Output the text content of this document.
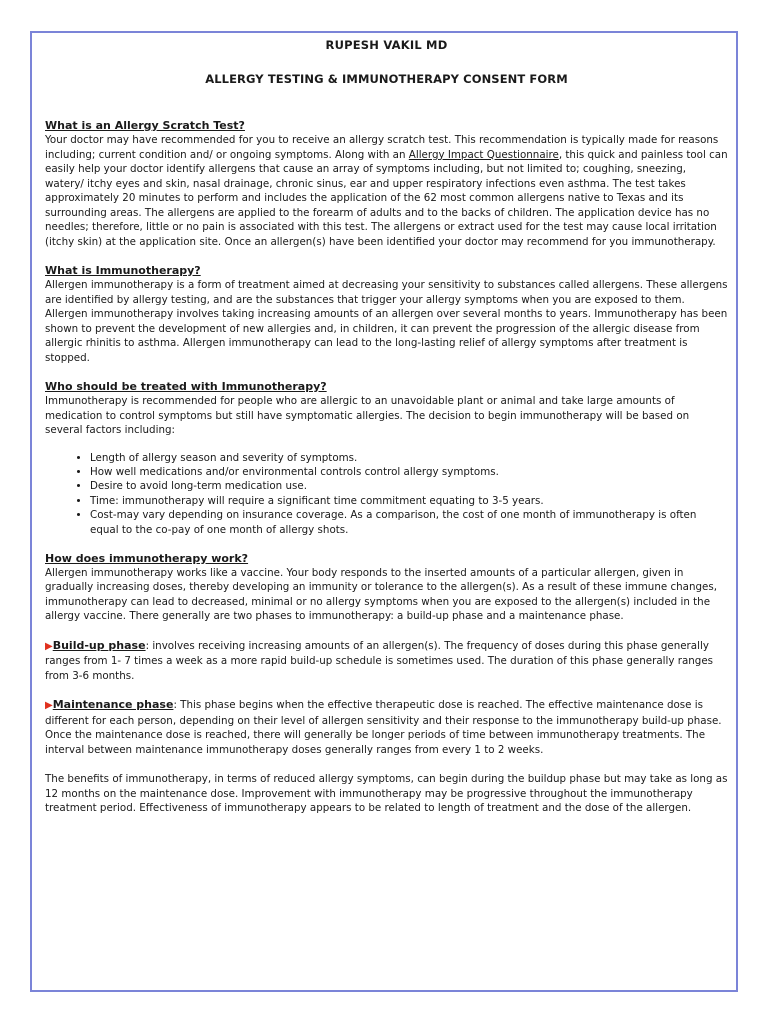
RUPESH VAKIL MD
ALLERGY TESTING & IMMUNOTHERAPY CONSENT FORM
What is an Allergy Scratch Test?

Your doctor may have recommended for you to receive an allergy scratch test. This recommendation is typically made for reasons including; current condition and/ or ongoing symptoms. Along with an Allergy Impact Questionnaire, this quick and painless tool can easily help your doctor identify allergens that cause an array of symptoms including, but not limited to; coughing, sneezing, watery/ itchy eyes and skin, nasal drainage, chronic sinus, ear and upper respiratory infections even asthma. The test takes approximately 20 minutes to perform and includes the application of the 62 most common allergens native to Texas and its surrounding areas. The allergens are applied to the forearm of adults and to the backs of children. The application device has no needles; therefore, little or no pain is associated with this test. The allergens or extract used for the test may cause local irritation (itchy skin) at the application site. Once an allergen(s) have been identified your doctor may recommend for you immunotherapy.

What is Immunotherapy?

Allergen immunotherapy is a form of treatment aimed at decreasing your sensitivity to substances called allergens. These allergens are identified by allergy testing, and are the substances that trigger your allergy symptoms when you are exposed to them. Allergen immunotherapy involves taking increasing amounts of an allergen over several months to years. Immunotherapy has been shown to prevent the development of new allergies and, in children, it can prevent the progression of the allergic disease from allergic rhinitis to asthma. Allergen immunotherapy can lead to the long-lasting relief of allergy symptoms after treatment is stopped.

Who should be treated with Immunotherapy?

Immunotherapy is recommended for people who are allergic to an unavoidable plant or animal and take large amounts of medication to control symptoms but still have symptomatic allergies. The decision to begin immunotherapy will be based on several factors including:

• Length of allergy season and severity of symptoms.
• How well medications and/or environmental controls control allergy symptoms.
• Desire to avoid long-term medication use.
• Time: immunotherapy will require a significant time commitment equating to 3-5 years.
• Cost-may vary depending on insurance coverage. As a comparison, the cost of one month of immunotherapy is often equal to the co-pay of one month of allergy shots.
How does immunotherapy work?

Allergen immunotherapy works like a vaccine. Your body responds to the inserted amounts of a particular allergen, given in gradually increasing doses, thereby developing an immunity or tolerance to the allergen(s). As a result of these immune changes, immunotherapy can lead to decreased, minimal or no allergy symptoms when you are exposed to the allergen(s) included in the allergy vaccine. There generally are two phases to immunotherapy: a build-up phase and a maintenance phase.

▶Build-up phase: involves receiving increasing amounts of an allergen(s). The frequency of doses during this phase generally ranges from 1- 7 times a week as a more rapid build-up schedule is sometimes used. The duration of this phase generally ranges from 3-6 months.

▶Maintenance phase: This phase begins when the effective therapeutic dose is reached. The effective maintenance dose is different for each person, depending on their level of allergen sensitivity and their response to the immunotherapy build-up phase. Once the maintenance dose is reached, there will generally be longer periods of time between immunotherapy treatments. The interval between maintenance immunotherapy doses generally ranges from every 1 to 2 weeks.

The benefits of immunotherapy, in terms of reduced allergy symptoms, can begin during the buildup phase but may take as long as 12 months on the maintenance dose. Improvement with immunotherapy may be progressive throughout the immunotherapy treatment period. Effectiveness of immunotherapy appears to be related to length of treatment and the dose of the allergen.
